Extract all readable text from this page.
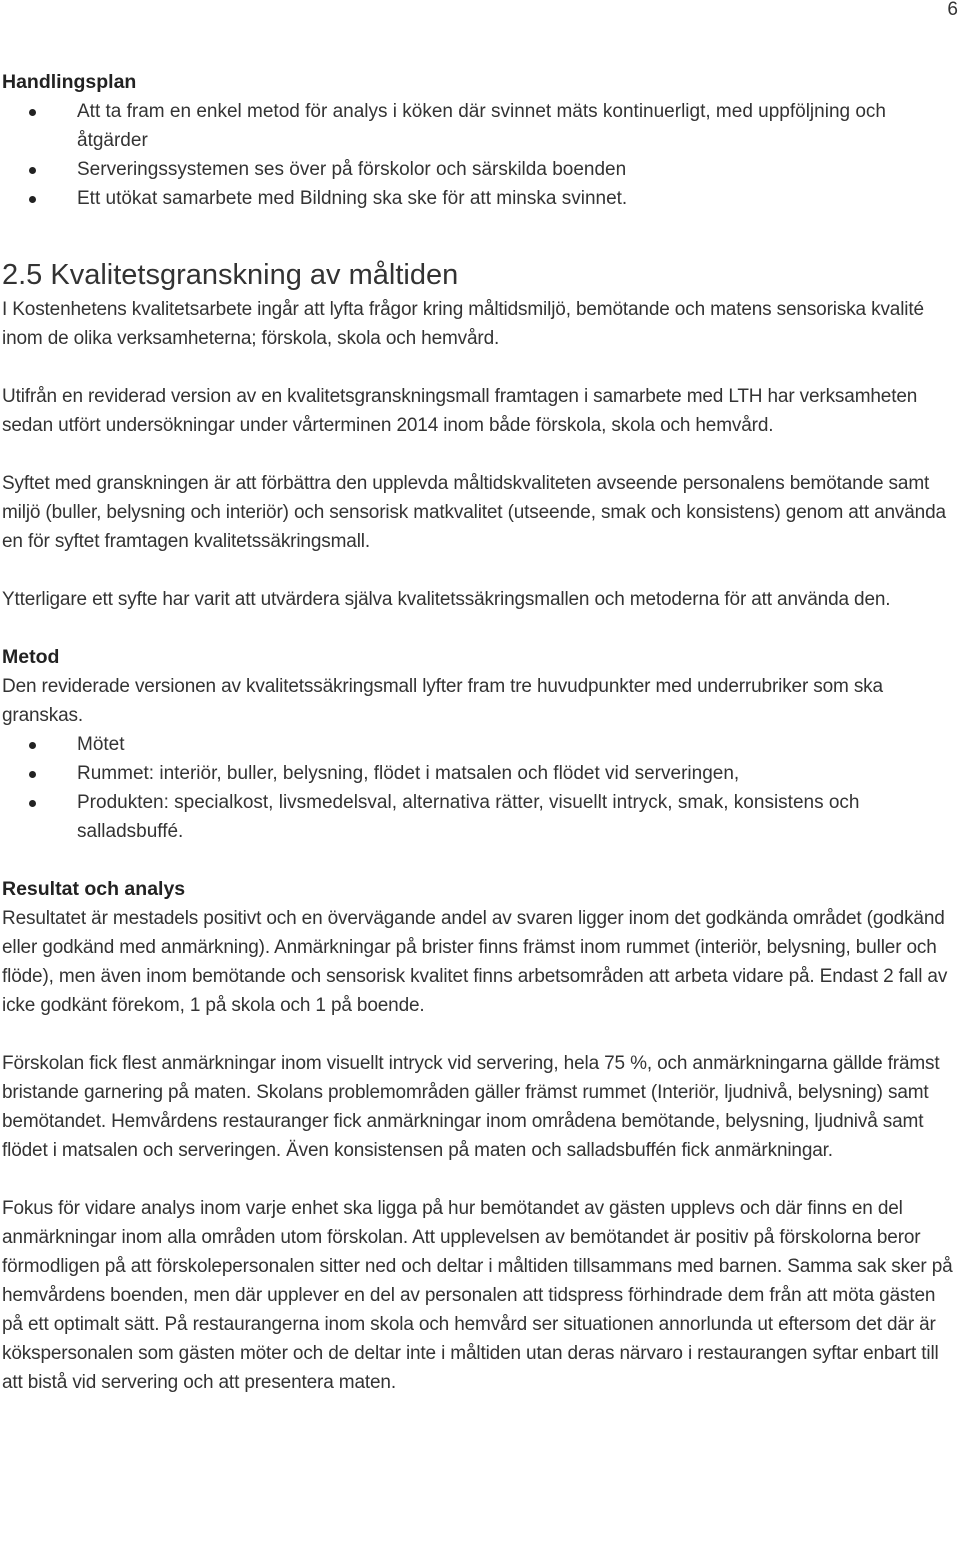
6
Handlingsplan
Att ta fram en enkel metod för analys i köken där svinnet mäts kontinuerligt, med uppföljning och åtgärder
Serveringssystemen ses över på förskolor och särskilda boenden
Ett utökat samarbete med Bildning ska ske för att minska svinnet.
2.5 Kvalitetsgranskning av måltiden

I Kostenhetens kvalitetsarbete ingår att lyfta frågor kring måltidsmiljö, bemötande och matens sensoriska kvalité inom de olika verksamheterna; förskola, skola och hemvård.

Utifrån en reviderad version av en kvalitetsgranskningsmall framtagen i samarbete med LTH har verksamheten sedan utfört undersökningar under vårterminen 2014 inom både förskola, skola och hemvård.

Syftet med granskningen är att förbättra den upplevda måltidskvaliteten avseende personalens bemötande samt miljö (buller, belysning och interiör) och sensorisk matkvalitet (utseende, smak och konsistens) genom att använda en för syftet framtagen kvalitetssäkringsmall.

Ytterligare ett syfte har varit att utvärdera själva kvalitetssäkringsmallen och metoderna för att använda den.

Metod

Den reviderade versionen av kvalitetssäkringsmall lyfter fram tre huvudpunkter med underrubriker som ska granskas.

Mötet
Rummet: interiör, buller, belysning, flödet i matsalen och flödet vid serveringen,
Produkten: specialkost, livsmedelsval, alternativa rätter, visuellt intryck, smak, konsistens och salladsbuffé.
Resultat och analys

Resultatet är mestadels positivt och en övervägande andel av svaren ligger inom det godkända området (godkänd eller godkänd med anmärkning). Anmärkningar på brister finns främst inom rummet (interiör, belysning, buller och flöde), men även inom bemötande och sensorisk kvalitet finns arbetsområden att arbeta vidare på. Endast 2 fall av icke godkänt förekom, 1 på skola och 1 på boende.

Förskolan fick flest anmärkningar inom visuellt intryck vid servering, hela 75 %, och anmärkningarna gällde främst bristande garnering på maten. Skolans problemområden gäller främst rummet (Interiör, ljudnivå, belysning) samt bemötandet. Hemvårdens restauranger fick anmärkningar inom områdena bemötande, belysning, ljudnivå samt flödet i matsalen och serveringen. Även konsistensen på maten och salladsbuffén fick anmärkningar.

Fokus för vidare analys inom varje enhet ska ligga på hur bemötandet av gästen upplevs och där finns en del anmärkningar inom alla områden utom förskolan. Att upplevelsen av bemötandet är positiv på förskolorna beror förmodligen på att förskolepersonalen sitter ned och deltar i måltiden tillsammans med barnen. Samma sak sker på hemvårdens boenden, men där upplever en del av personalen att tidspress förhindrade dem från att möta gästen på ett optimalt sätt. På restaurangerna inom skola och hemvård ser situationen annorlunda ut eftersom det där är kökspersonalen som gästen möter och de deltar inte i måltiden utan deras närvaro i restaurangen syftar enbart till att bistå vid servering och att presentera maten.
